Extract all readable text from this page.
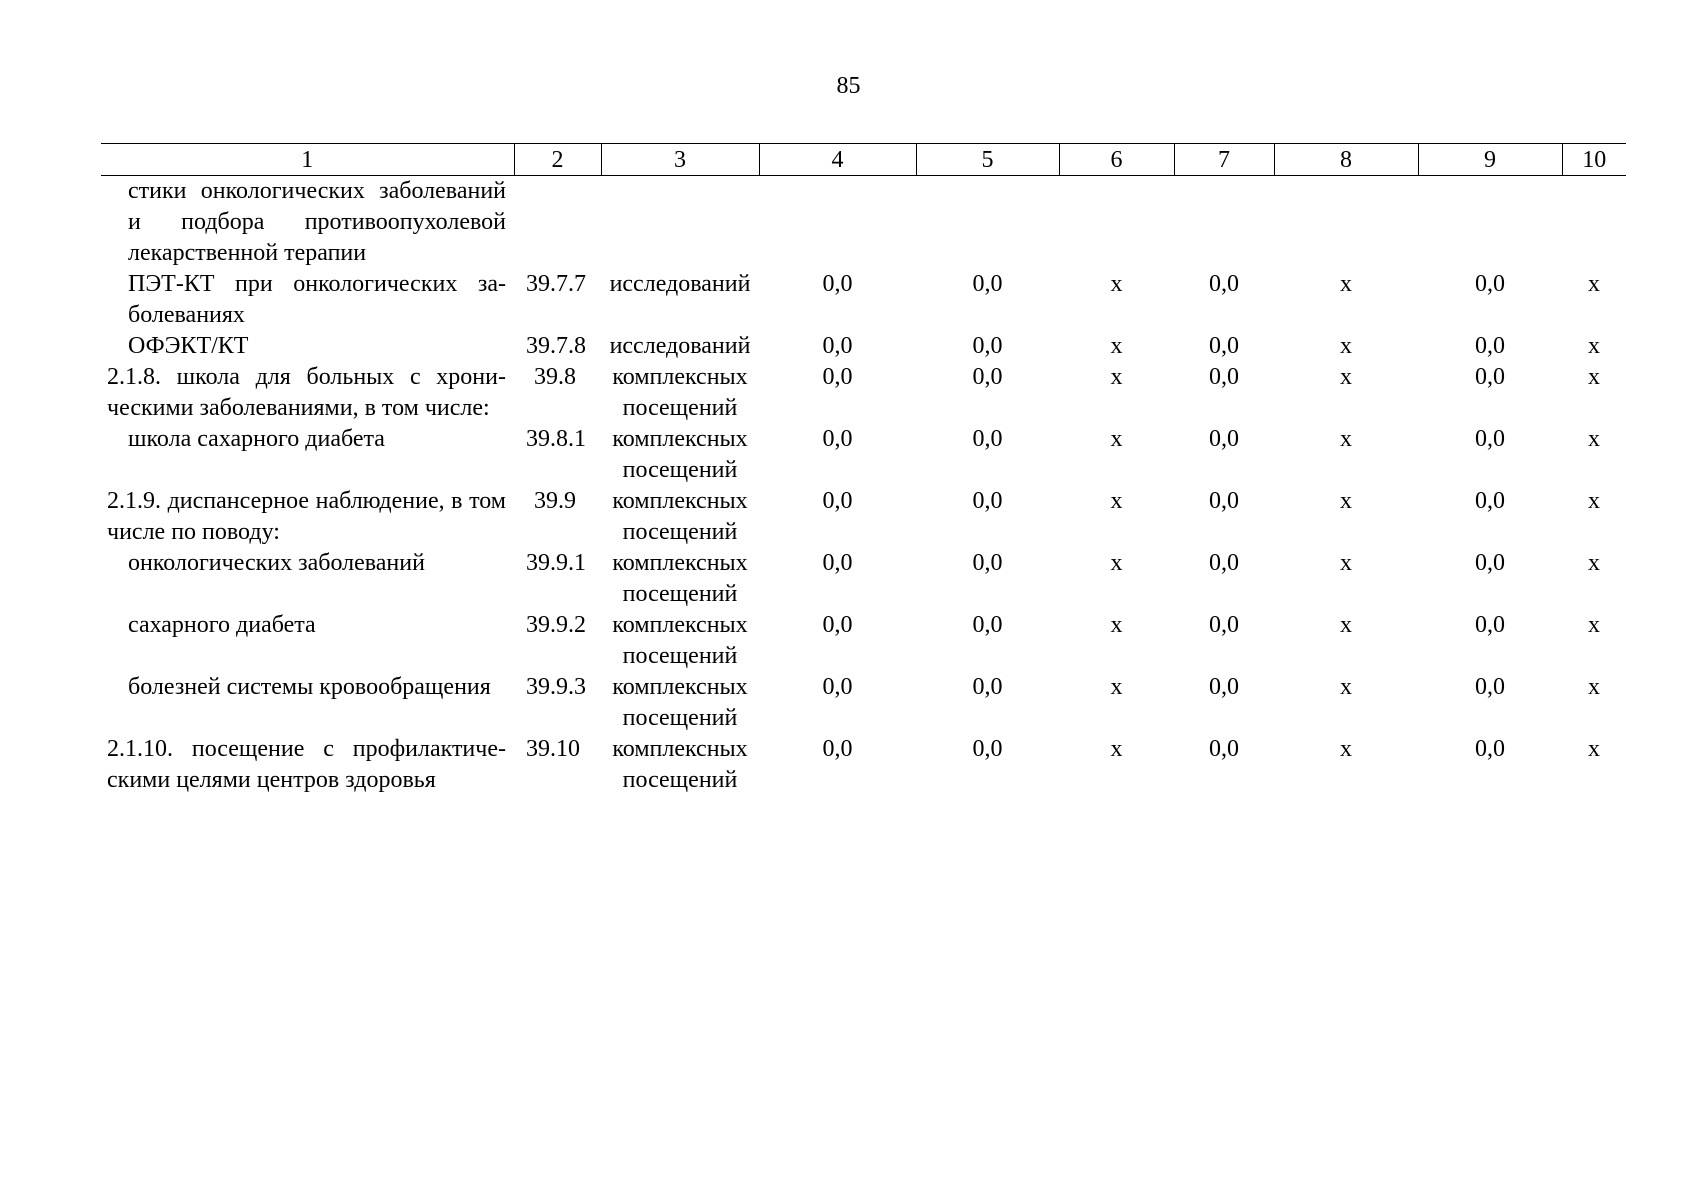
85
1	2	3	4	5	6	7	8	9	10
стики онкологических заболеваний и подбора противоопухолевой лекарственной терапии									
ПЭТ-КТ при онкологических заболеваниях	39.7.7	исследований	0,0	0,0	x	0,0	x	0,0	x
ОФЭКТ/КТ	39.7.8	исследований	0,0	0,0	x	0,0	x	0,0	x
2.1.8. школа для больных с хроническими заболеваниями, в том числе:	39.8	комплексных посещений	0,0	0,0	x	0,0	x	0,0	x
школа сахарного диабета	39.8.1	комплексных посещений	0,0	0,0	x	0,0	x	0,0	x
2.1.9. диспансерное наблюдение, в том числе по поводу:	39.9	комплексных посещений	0,0	0,0	x	0,0	x	0,0	x
онкологических заболеваний	39.9.1	комплексных посещений	0,0	0,0	x	0,0	x	0,0	x
сахарного диабета	39.9.2	комплексных посещений	0,0	0,0	x	0,0	x	0,0	x
болезней системы кровообращения	39.9.3	комплексных посещений	0,0	0,0	x	0,0	x	0,0	x
2.1.10. посещение с профилактическими целями центров здоровья	39.10	комплексных посещений	0,0	0,0	x	0,0	x	0,0	x
